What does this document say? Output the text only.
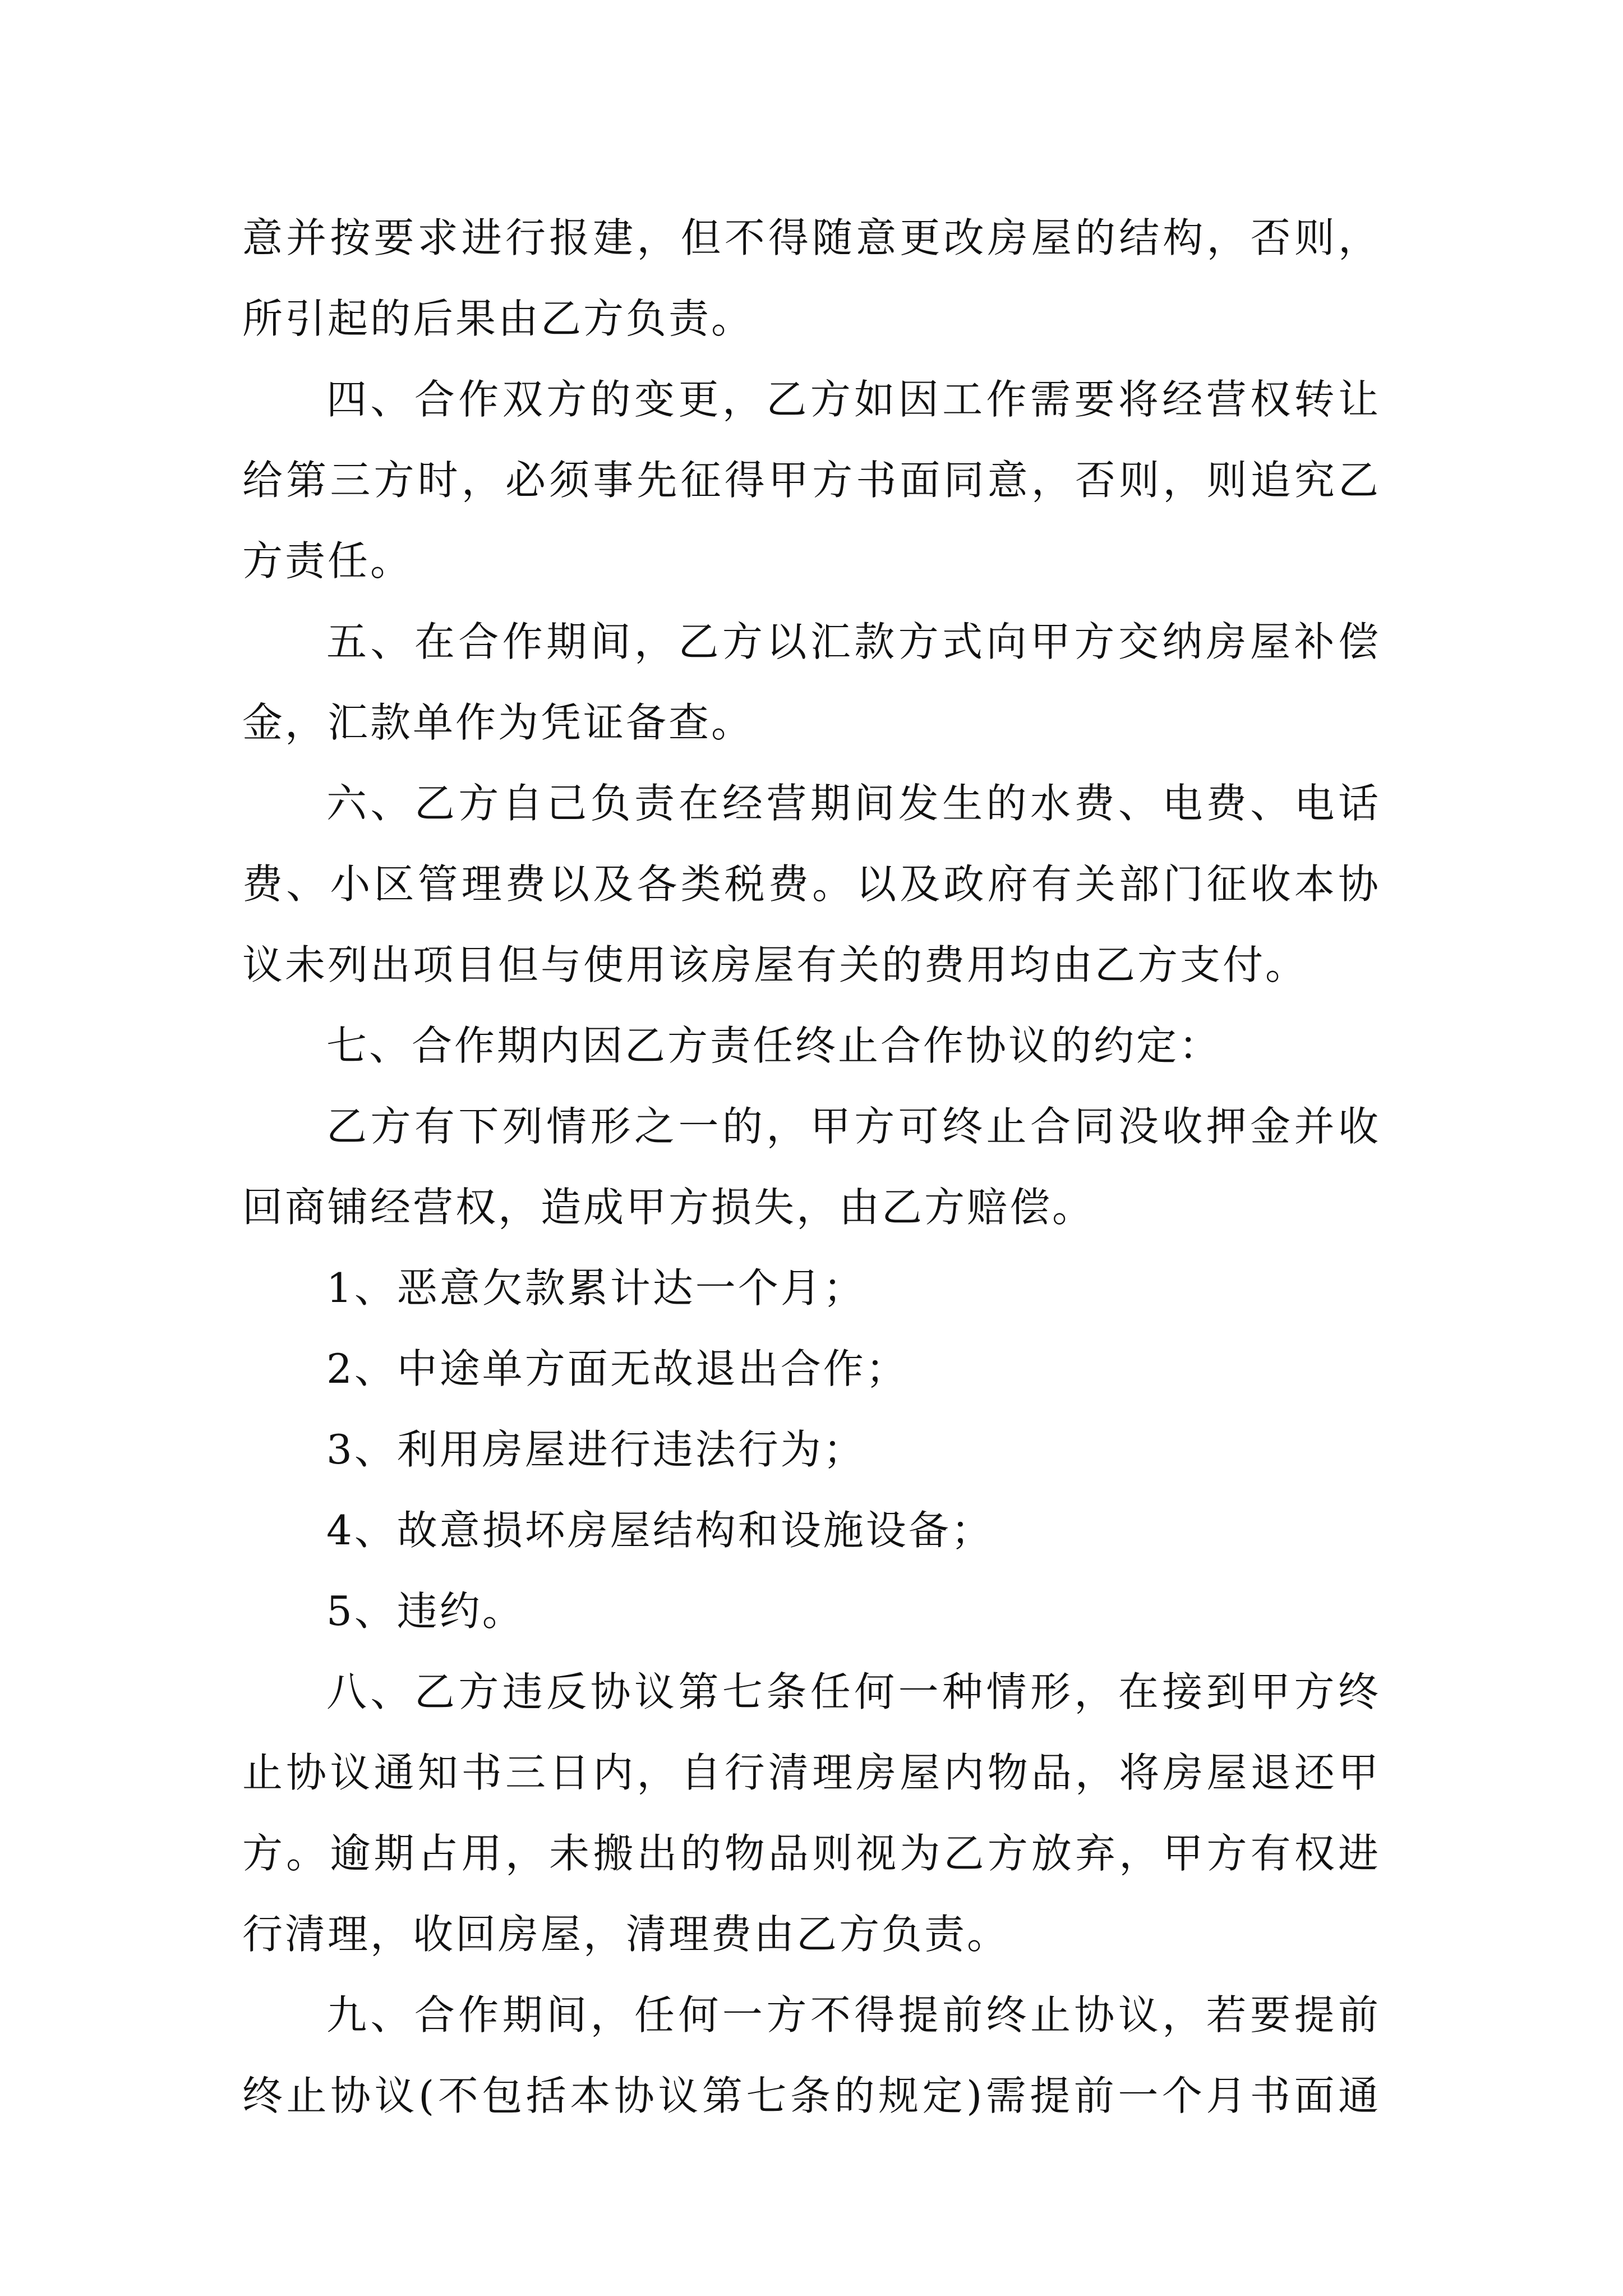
意并按要求进行报建，但不得随意更改房屋的结构，否则，
所引起的后果由乙方负责。
四、合作双方的变更，乙方如因工作需要将经营权转让
给第三方时，必须事先征得甲方书面同意，否则，则追究乙
方责任。
五、在合作期间，乙方以汇款方式向甲方交纳房屋补偿
金，汇款单作为凭证备查。
六、乙方自己负责在经营期间发生的水费、电费、电话
费、小区管理费以及各类税费。以及政府有关部门征收本协
议未列出项目但与使用该房屋有关的费用均由乙方支付。
七、合作期内因乙方责任终止合作协议的约定：
乙方有下列情形之一的，甲方可终止合同没收押金并收
回商铺经营权，造成甲方损失，由乙方赔偿。
1、恶意欠款累计达一个月；
2、中途单方面无故退出合作；
3、利用房屋进行违法行为；
4、故意损坏房屋结构和设施设备；
5、违约。
八、乙方违反协议第七条任何一种情形，在接到甲方终
止协议通知书三日内，自行清理房屋内物品，将房屋退还甲
方。逾期占用，未搬出的物品则视为乙方放弃，甲方有权进
行清理，收回房屋，清理费由乙方负责。
九、合作期间，任何一方不得提前终止协议，若要提前
终止协议(不包括本协议第七条的规定)需提前一个月书面通
